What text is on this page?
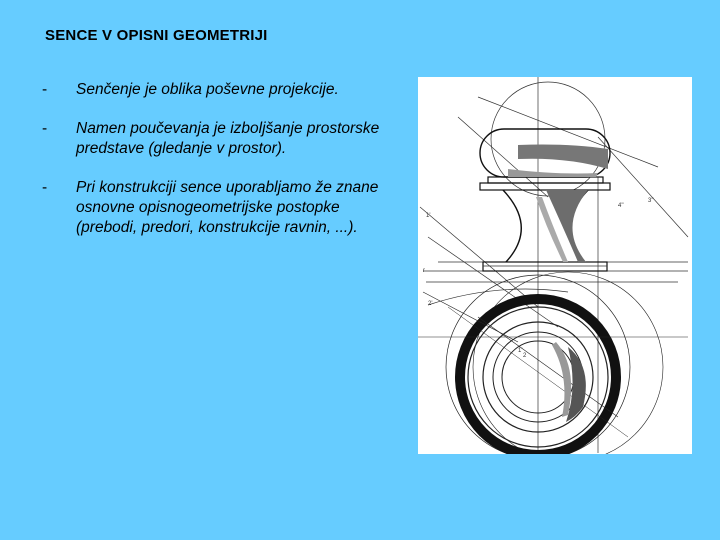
SENCE V OPISNI GEOMETRIJI
- Senčenje je oblika poševne projekcije.
- Namen poučevanja je izboljšanje prostorske predstave (gledanje v prostor).
- Pri konstrukciji sence uporabljamo že znane osnovne opisnogeometrijske postopke (prebodi, predori, konstrukcije ravnin, ...).
1'
r
2'
3''
1'
2
4''
